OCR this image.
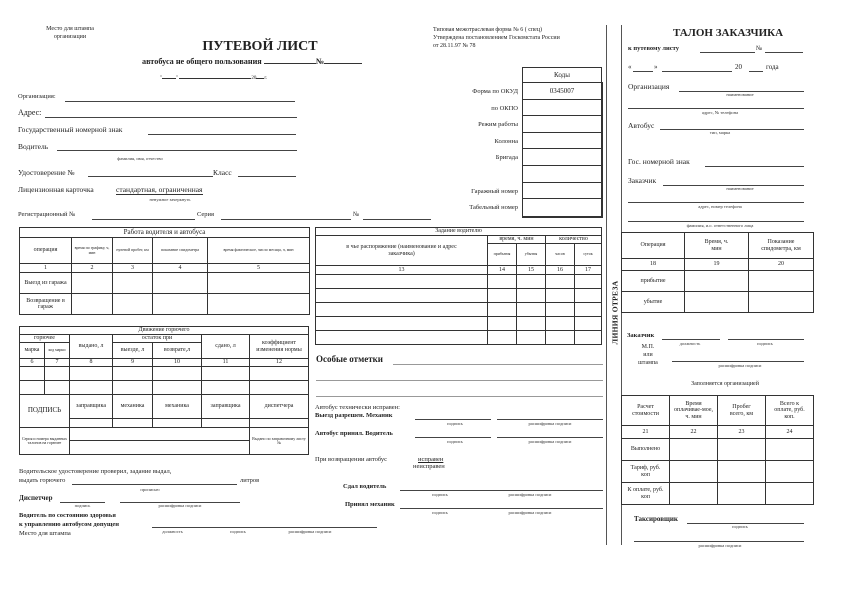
Место для штампа
организации
ПУТЕВОЙ ЛИСТ
автобуса не общего пользования	№
"	"	20 г.
Типовая межотраслевая форма № 6 ( спец)
Утверждена постановлением Госкомстата России
от 28.11.97 № 78
Коды
Форма по ОКУД	0345007
по ОКПО
Режим работы
Колонна
Бригада
Гаражный номер
Табельный номер
Организация:
Адрес:
Государственный номерной знак
Водитель
фамилия, имя, отчество
Удостоверение №	Класс
Лицензионная карточка	стандартная, ограниченная
ненужное зачеркнуть
Регистрационный №	Серия	№
Работа водителя и автобуса				
операция	время по графику, ч, мин	нулевой пробег, км	показание спидометра	время фактическое, число месяца, ч, мин
1	2	3	4	5
Выезд из гаража				
Возвращение в гараж				
Движение горючего						
горючее		выдано, л	остаток при		сдано, л	коэффициент изменения нормы
марка	код марки		выезде, л	возврате,л		
6	7	8	9	10	11	12

ПОДПИСЬ		заправщика	механика	механика	заправщика	диспетчера

Серия и номера выданных талонов на горючее						Выдано по заправочному листу №

Водительское удостоверение проверил, задание выдал,
выдать горючего	литров
прописью
Диспетчер
подпись	расшифровка подписи
Водитель по состоянию здоровья
к управлению автобусом допущен
Место для штампа	должность	подпись	расшифровка подписи
Задание водителю				
в чье распоряжение (наименование и адрес заказчика)	время, ч. мин		количество	
	прибытия	убытия	часов	суток
13	14	15	16	17

Особые отметки
Автобус технически исправен:
Выезд разрешен. Механик
подпись	расшифровка подписи
Автобус принял. Водитель
подпись	расшифровка подписи
При возвращении автобус	исправен
неисправен
Сдал водитель
подпись	расшифровка подписи
Принял механик
подпись	расшифровка подписи
ЛИНИЯ ОТРЕЗА
ТАЛОН ЗАКАЗЧИКА
к путевому листу	№
«	»	20	года
Организация
наименование
адрес, № телефона
Автобус
тип, марка
Гос. номерной знак
Заказчик
наименование
адрес, номер телефона
фамилия, и.о. ответственного лица
Операция	Время, ч. мин	Показание спидометра, км
18	19	20
прибытие		
убытие		
Заказчик
должность	подпись
М.П.
или
штампа	расшифровка подписи
Заполняется организацией
Расчет стоимости	Время оплачивае-мое, ч. мин	Пробег всего, км	Всего к оплате, руб. коп.
21	22	23	24
Выполнено			
Тариф, руб. коп			
К оплате, руб. коп			
Таксировщик
подпись
расшифровка подписи
